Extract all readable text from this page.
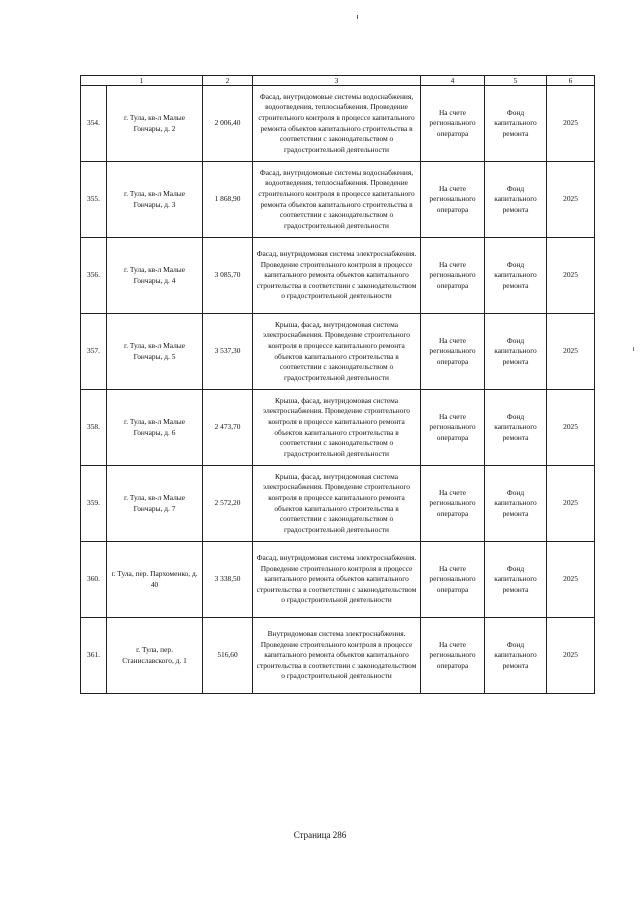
1		2	3	4	5	6
354.	г. Тула, кв-л Малые Гончары, д. 2	2 006,40	Фасад, внутридомовые системы водоснабжения, водоотведения, теплоснабжения. Проведение строительного контроля в процессе капитального ремонта объектов капитального строительства в соответствии с законодательством о градостроительной деятельности	На счете регионального оператора	Фонд капитального ремонта	2025
355.	г. Тула, кв-л Малые Гончары, д. 3	1 868,90	Фасад, внутридомовые системы водоснабжения, водоотведения, теплоснабжения. Проведение строительного контроля в процессе капитального ремонта объектов капитального строительства в соответствии с законодательством о градостроительной деятельности	На счете регионального оператора	Фонд капитального ремонта	2025
356.	г. Тула, кв-л Малые Гончары, д. 4	3 085,70	Фасад, внутридомовая система электроснабжения. Проведение строительного контроля в процессе капитального ремонта объектов капитального строительства в соответствии с законодательством о градостроительной деятельности	На счете регионального оператора	Фонд капитального ремонта	2025
357.	г. Тула, кв-л Малые Гончары, д. 5	3 537,30	Крыша, фасад, внутридомовая система электроснабжения. Проведение строительного контроля в процессе капитального ремонта объектов капитального строительства в соответствии с законодательством о градостроительной деятельности	На счете регионального оператора	Фонд капитального ремонта	2025
358.	г. Тула, кв-л Малые Гончары, д. 6	2 473,70	Крыша, фасад, внутридомовая система электроснабжения. Проведение строительного контроля в процессе капитального ремонта объектов капитального строительства в соответствии с законодательством о градостроительной деятельности	На счете регионального оператора	Фонд капитального ремонта	2025
359.	г. Тула, кв-л Малые Гончары, д. 7	2 572,20	Крыша, фасад, внутридомовая система электроснабжения. Проведение строительного контроля в процессе капитального ремонта объектов капитального строительства в соответствии с законодательством о градостроительной деятельности	На счете регионального оператора	Фонд капитального ремонта	2025
360.	г. Тула, пер. Пархоменко, д. 40	3 338,50	Фасад, внутридомовая система электроснабжения. Проведение строительного контроля в процессе капитального ремонта объектов капитального строительства в соответствии с законодательством о градостроительной деятельности	На счете регионального оператора	Фонд капитального ремонта	2025
361.	г. Тула, пер. Станиславского, д. 1	516,60	Внутридомовая система электроснабжения. Проведение строительного контроля в процессе капитального ремонта объектов капитального строительства в соответствии с законодательством о градостроительной деятельности	На счете регионального оператора	Фонд капитального ремонта	2025
Страница 286
